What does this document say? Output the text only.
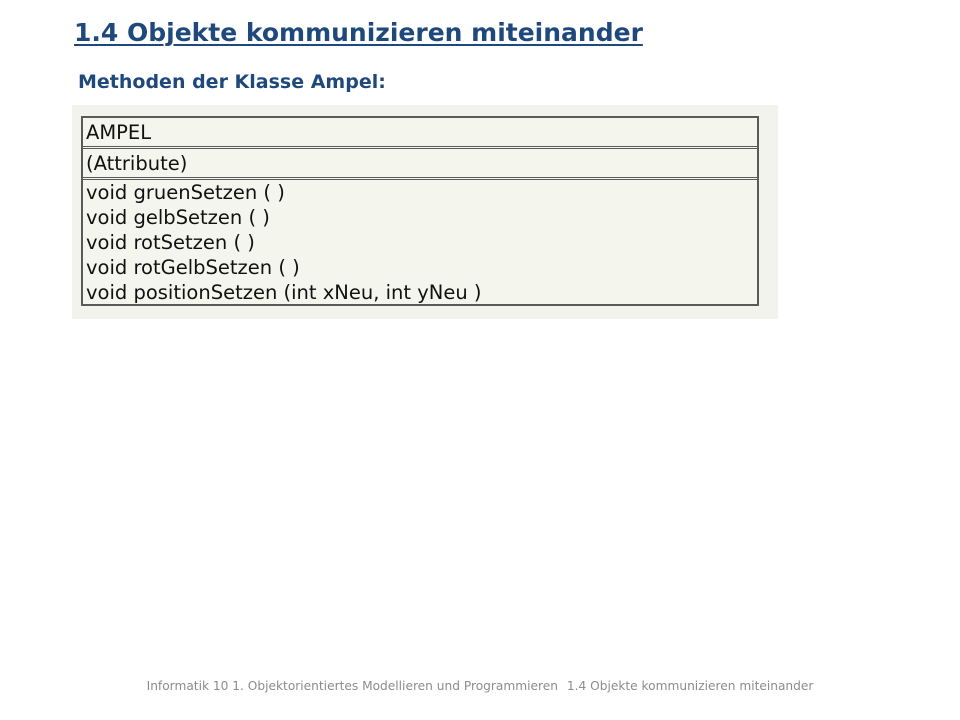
1.4 Objekte kommunizieren miteinander
Methoden der Klasse Ampel:
AMPEL
(Attribute)
void gruenSetzen ( )
void gelbSetzen ( )
void rotSetzen ( )
void rotGelbSetzen ( )
void positionSetzen (int xNeu, int yNeu )
Informatik 10 1. Objektorientiertes Modellieren und Programmieren 1.4 Objekte kommunizieren miteinander
